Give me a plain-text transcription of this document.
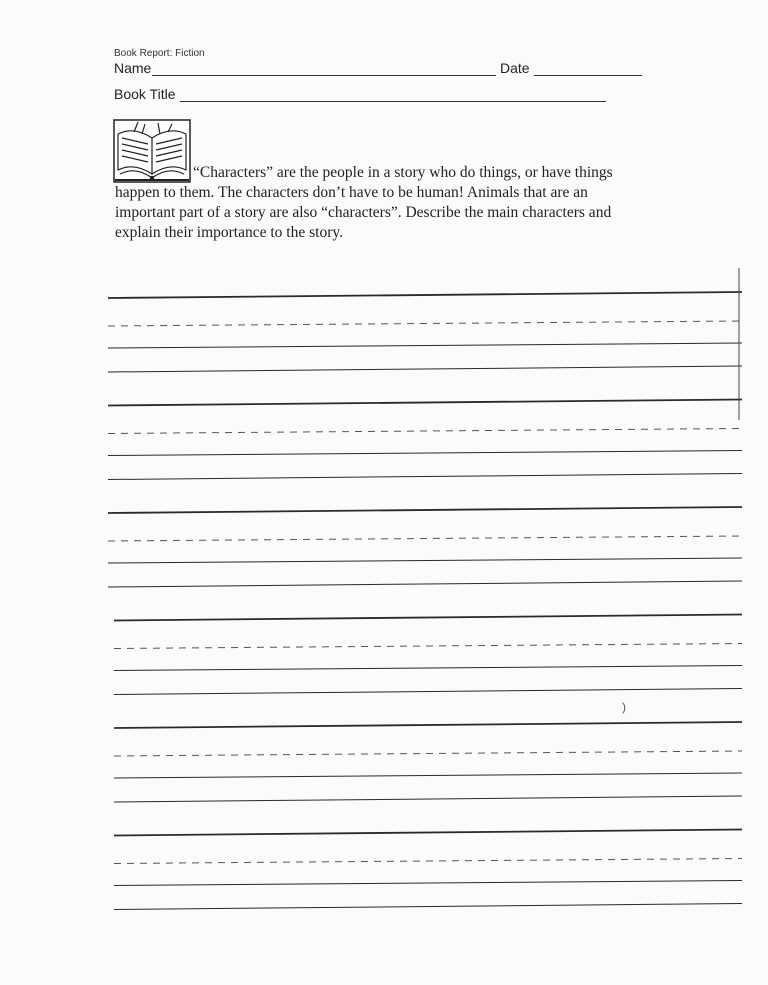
Book Report: Fiction
Name	Date
Book Title

“Characters” are the people in a story who do things, or have things happen to them. The characters don’t have to be human! Animals that are an important part of a story are also “characters”. Describe the main characters and explain their importance to the story.

)
